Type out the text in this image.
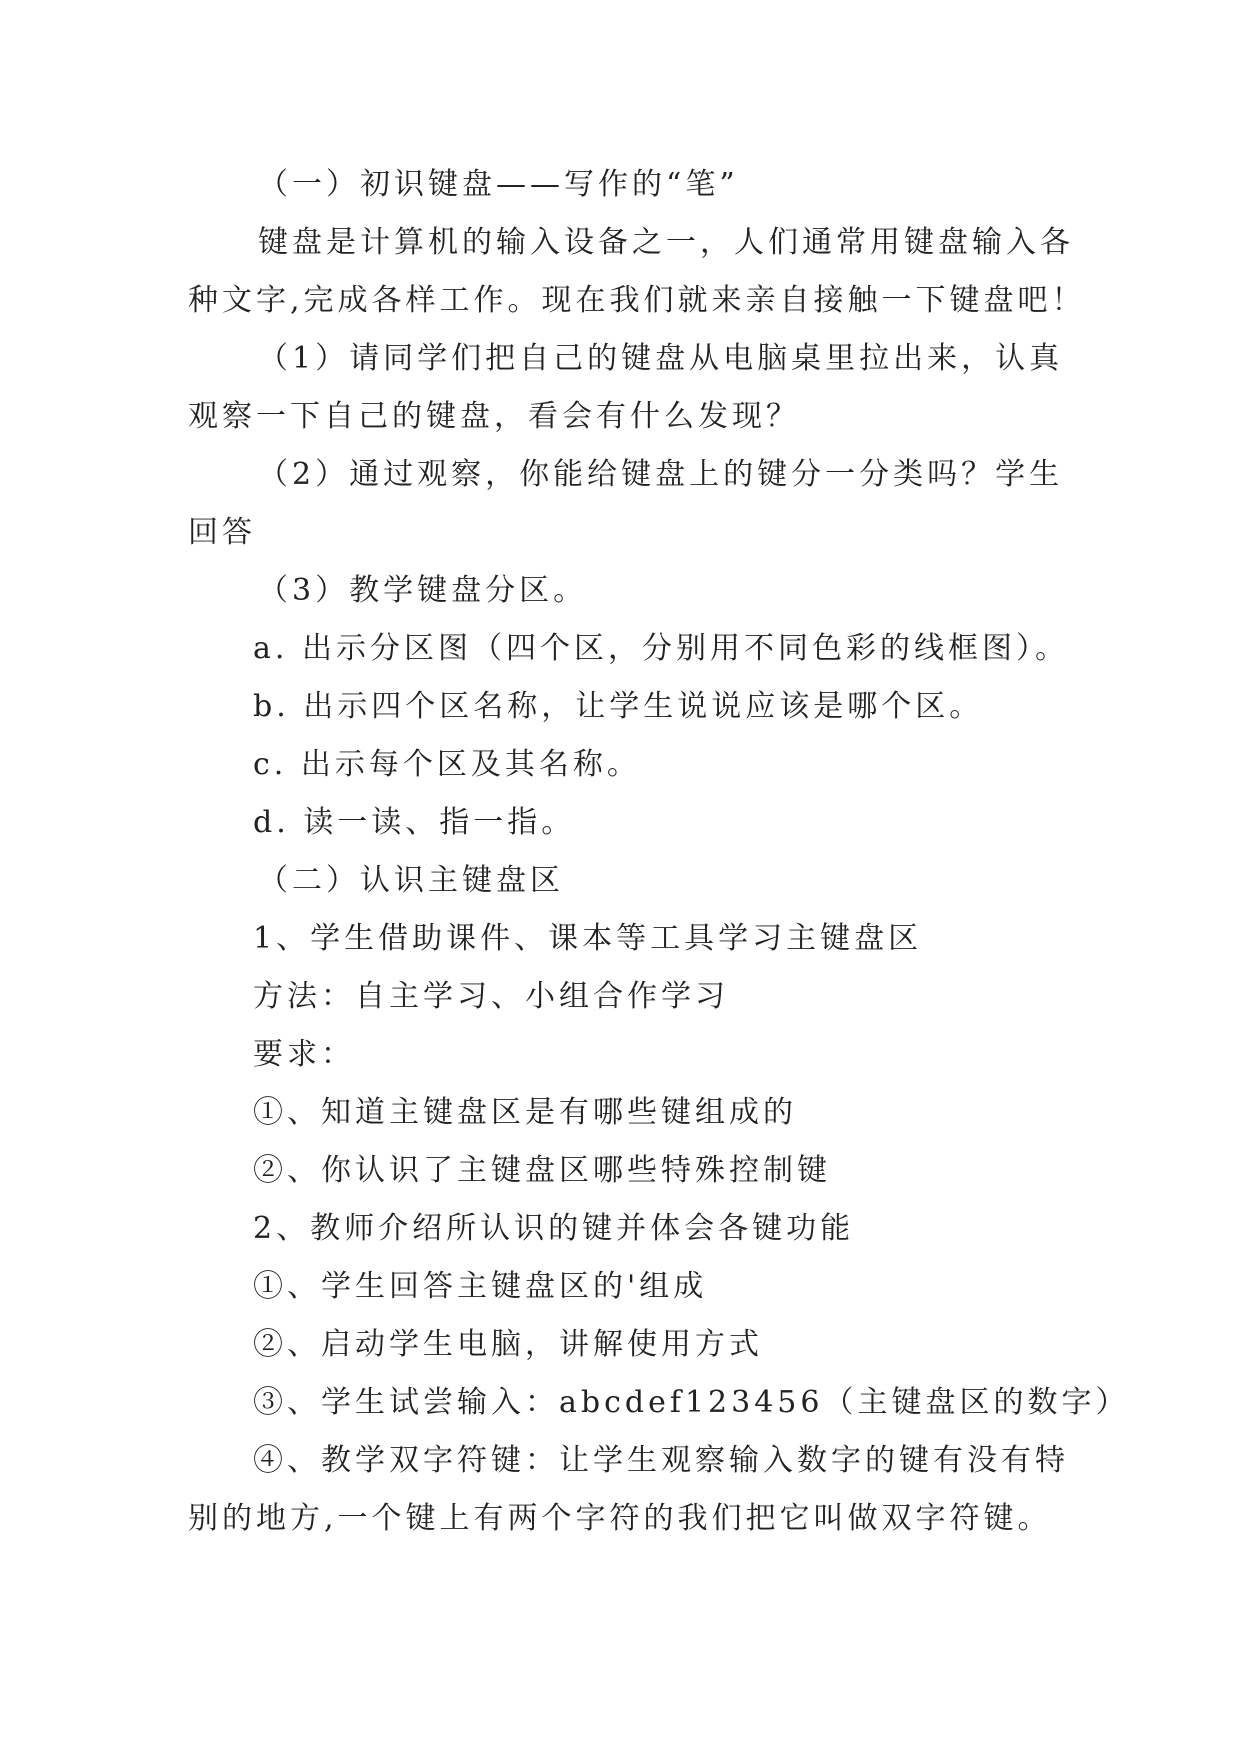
（一）初识键盘——写作的“笔”
键盘是计算机的输入设备之一，人们通常用键盘输入各
种文字,完成各样工作。现在我们就来亲自接触一下键盘吧！
（1）请同学们把自己的键盘从电脑桌里拉出来，认真
观察一下自己的键盘，看会有什么发现？
（2）通过观察，你能给键盘上的键分一分类吗？学生
回答
（3）教学键盘分区。
a. 出示分区图（四个区，分别用不同色彩的线框图）。
b. 出示四个区名称，让学生说说应该是哪个区。
c. 出示每个区及其名称。
d. 读一读、指一指。
（二）认识主键盘区
1、学生借助课件、课本等工具学习主键盘区
方法：自主学习、小组合作学习
要求：
①、知道主键盘区是有哪些键组成的
②、你认识了主键盘区哪些特殊控制键
2、教师介绍所认识的键并体会各键功能
①、学生回答主键盘区的'组成
②、启动学生电脑，讲解使用方式
③、学生试尝输入：abcdef123456（主键盘区的数字）
④、教学双字符键：让学生观察输入数字的键有没有特
别的地方,一个键上有两个字符的我们把它叫做双字符键。
